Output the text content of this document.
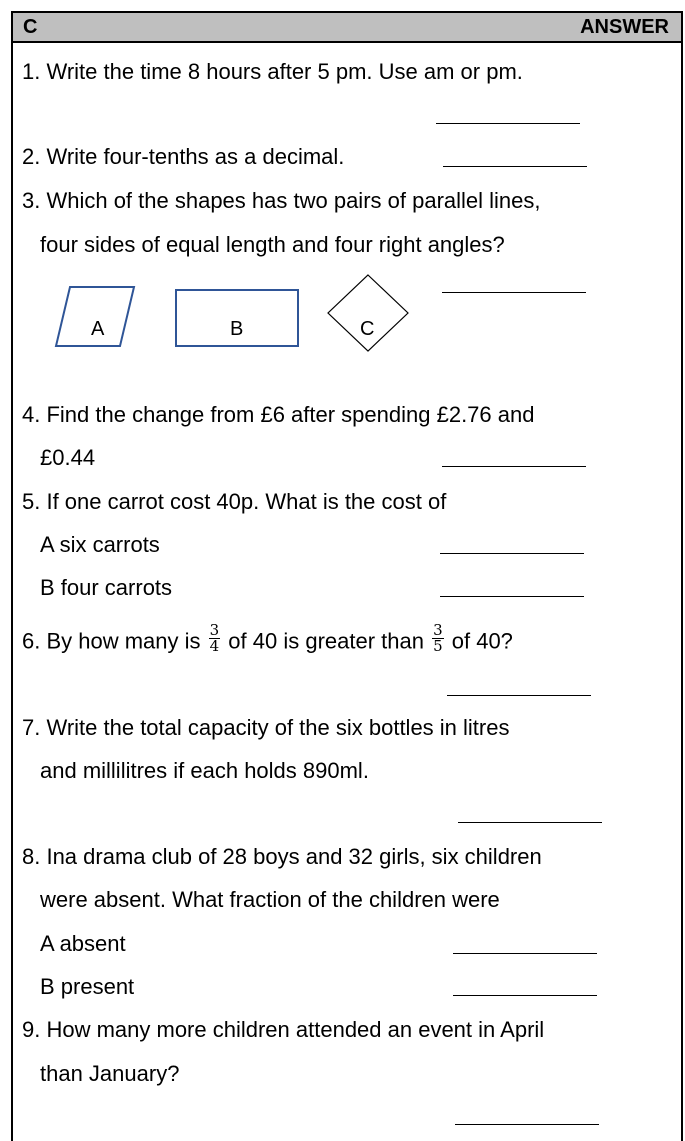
C	ANSWER
1. Write the time 8 hours after 5 pm. Use am or pm.
2. Write four-tenths as a decimal.
3. Which of the shapes has two pairs of parallel lines,
four sides of equal length and four right angles?
A	B	C
4. Find the change from £6 after spending £2.76 and
£0.44
5. If one carrot cost 40p. What is the cost of
A six carrots
B four carrots
6. By how many is $\frac{3}{4}$ of 40 is greater than $\frac{3}{5}$ of 40?
7. Write the total capacity of the six bottles in litres
and millilitres if each holds 890ml.
8. Ina drama club of 28 boys and 32 girls, six children
were absent. What fraction of the children were
A absent
B present
9. How many more children attended an event in April
than January?
